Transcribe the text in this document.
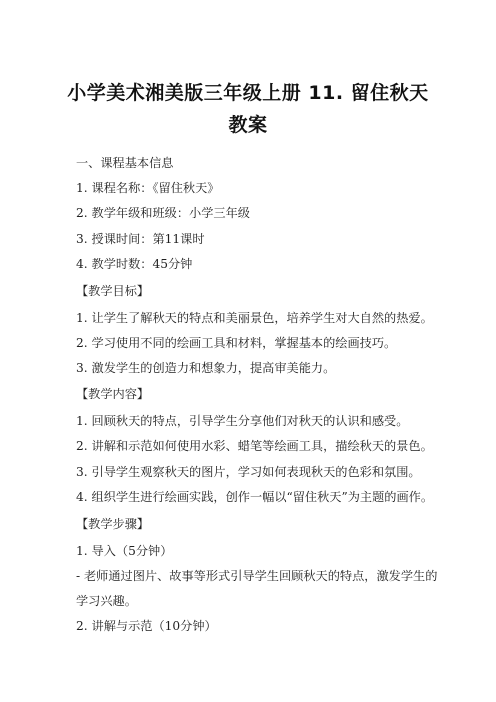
小学美术湘美版三年级上册 11. 留住秋天
教案
一、课程基本信息
1. 课程名称：《留住秋天》
2. 教学年级和班级：小学三年级
3. 授课时间：第11课时
4. 教学时数：45分钟
【教学目标】
1. 让学生了解秋天的特点和美丽景色，培养学生对大自然的热爱。
2. 学习使用不同的绘画工具和材料，掌握基本的绘画技巧。
3. 激发学生的创造力和想象力，提高审美能力。
【教学内容】
1. 回顾秋天的特点，引导学生分享他们对秋天的认识和感受。
2. 讲解和示范如何使用水彩、蜡笔等绘画工具，描绘秋天的景色。
3. 引导学生观察秋天的图片，学习如何表现秋天的色彩和氛围。
4. 组织学生进行绘画实践，创作一幅以“留住秋天”为主题的画作。
【教学步骤】
1. 导入（5分钟）
- 老师通过图片、故事等形式引导学生回顾秋天的特点，激发学生的
学习兴趣。
2. 讲解与示范（10分钟）
